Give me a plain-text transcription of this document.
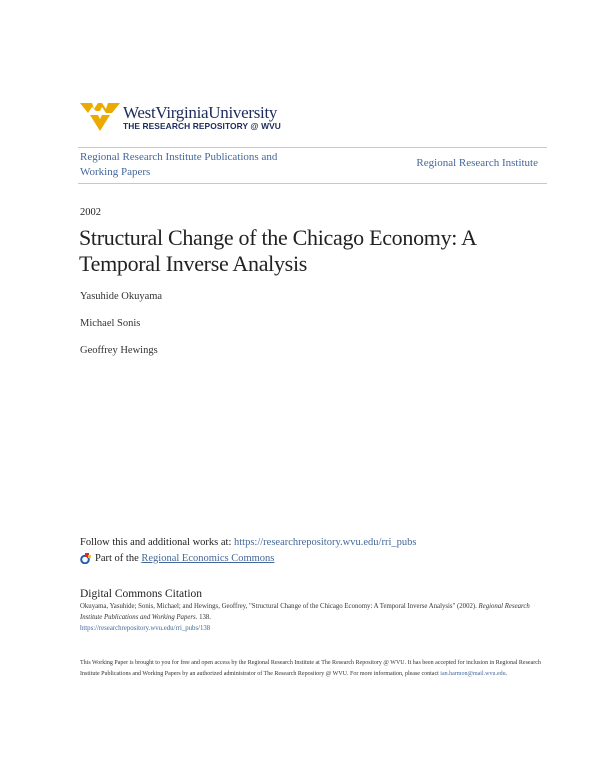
WestVirginiaUniversity
THE RESEARCH REPOSITORY @ WVU
Regional Research Institute Publications and Working Papers
Regional Research Institute
2002
Structural Change of the Chicago Economy: A Temporal Inverse Analysis
Yasuhide Okuyama
Michael Sonis
Geoffrey Hewings
Follow this and additional works at: https://researchrepository.wvu.edu/rri_pubs
Part of the
Regional Economics Commons
Digital Commons Citation
Okuyama, Yasuhide; Sonis, Michael; and Hewings, Geoffrey, "Structural Change of the Chicago Economy: A Temporal Inverse Analysis" (2002). Regional Research Institute Publications and Working Papers. 138.
https://researchrepository.wvu.edu/rri_pubs/138
This Working Paper is brought to you for free and open access by the Regional Research Institute at The Research Repository @ WVU. It has been accepted for inclusion in Regional Research Institute Publications and Working Papers by an authorized administrator of The Research Repository @ WVU. For more information, please contact ian.harmon@mail.wvu.edu.
